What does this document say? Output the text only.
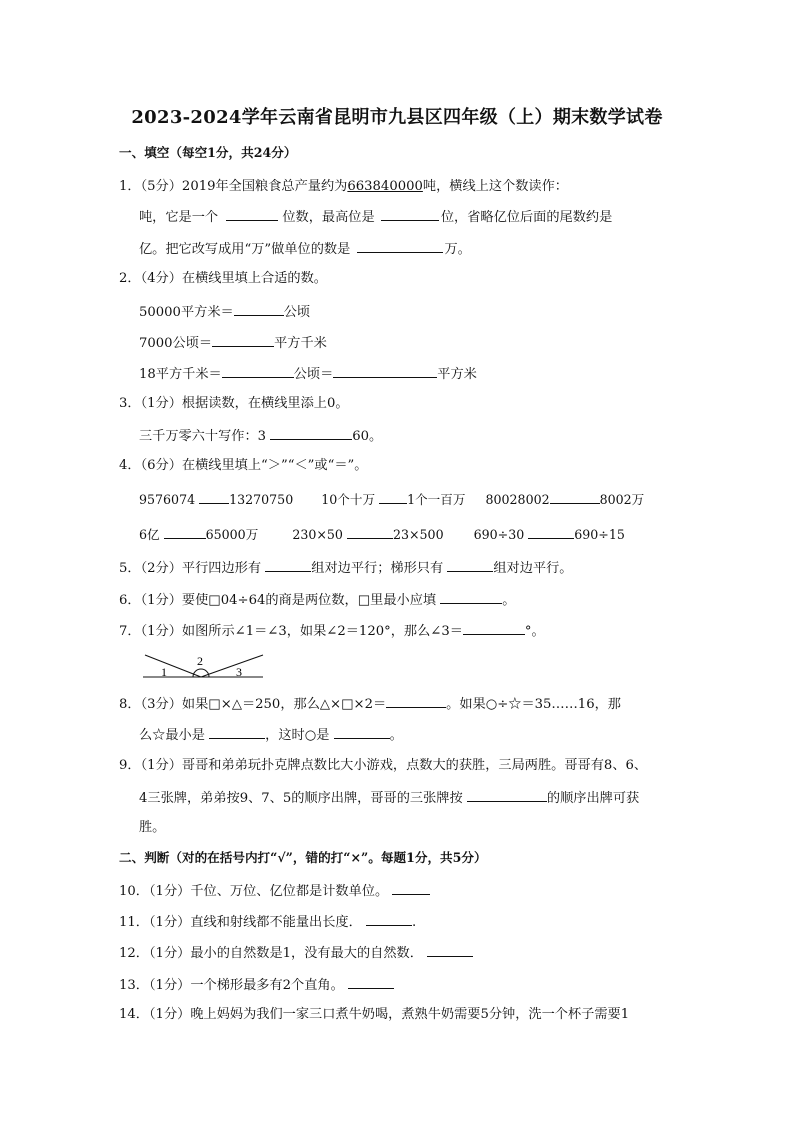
2023-2024学年云南省昆明市九县区四年级（上）期末数学试卷
一、填空（每空1分，共24分）
1．（5分）2019年全国粮食总产量约为663840000吨，横线上这个数读作：
吨，它是一个	位数，最高位是	位，省略亿位后面的尾数约是
亿。把它改写成用“万”做单位的数是	万。
2．（4分）在横线里填上合适的数。
50000平方米＝	公顷
7000公顷＝	平方千米
18平方千米＝	公顷＝	平方米
3．（1分）根据读数，在横线里添上0。
三千万零六十写作：3	60。
4．（6分）在横线里填上“＞”“＜”或“＝”。
9576074	13270750 10个十万	1个一百万 80028002	8002万
6亿	65000万	230×50	23×500 690÷30	690÷15
5．（2分）平行四边形有	组对边平行；梯形只有	组对边平行。
6．（1分）要使□04÷64的商是两位数，□里最小应填	。
7．（1分）如图所示∠1＝∠3，如果∠2＝120°，那么∠3＝	°。
1
2
3
8．（3分）如果□×△＝250，那么△×□×2＝	。如果○÷☆＝35……16，那
么☆最小是	，这时○是	。
9．（1分）哥哥和弟弟玩扑克牌点数比大小游戏，点数大的获胜，三局两胜。哥哥有8、6、
4三张牌，弟弟按9、7、5的顺序出牌，哥哥的三张牌按	的顺序出牌可获
胜。
二、判断（对的在括号内打“√”，错的打“×”。每题1分，共5分）
10．（1分）千位、万位、亿位都是计数单位。
11．（1分）直线和射线都不能量出长度．	.
12．（1分）最小的自然数是1，没有最大的自然数．
13．（1分）一个梯形最多有2个直角。
14．（1分）晚上妈妈为我们一家三口煮牛奶喝，煮熟牛奶需要5分钟，洗一个杯子需要1
